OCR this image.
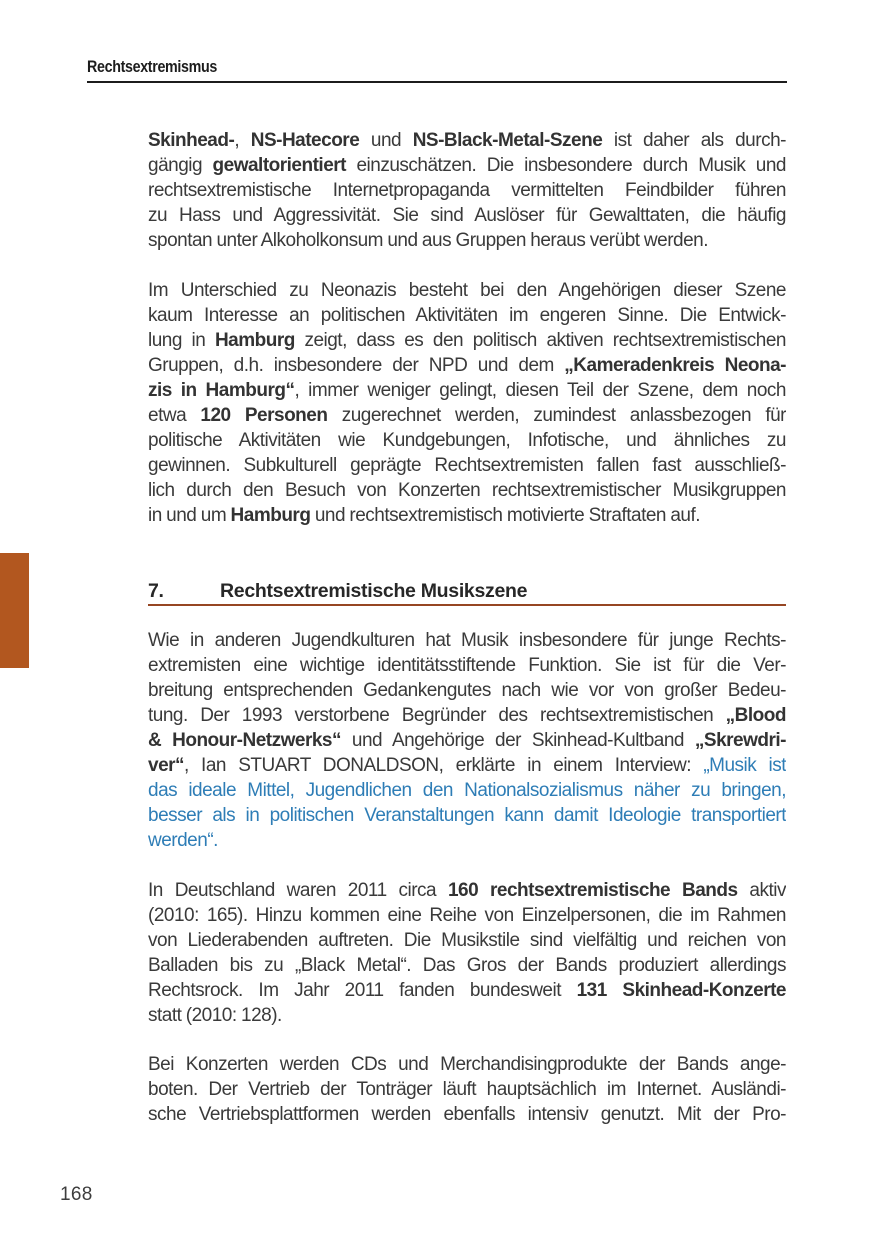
Rechtsextremismus
7.	Rechtsextremistische Musikszene
Skinhead-, NS-Hatecore und NS-Black-Metal-Szene ist daher als durch-
gängig gewaltorientiert einzuschätzen. Die insbesondere durch Musik und
rechtsextremistische Internetpropaganda vermittelten Feindbilder führen
zu Hass und Aggressivität. Sie sind Auslöser für Gewalttaten, die häufig
spontan unter Alkoholkonsum und aus Gruppen heraus verübt werden.
Im Unterschied zu Neonazis besteht bei den Angehörigen dieser Szene
kaum Interesse an politischen Aktivitäten im engeren Sinne. Die Entwick-
lung in Hamburg zeigt, dass es den politisch aktiven rechtsextremistischen
Gruppen, d.h. insbesondere der NPD und dem „Kameradenkreis Neona-
zis in Hamburg“, immer weniger gelingt, diesen Teil der Szene, dem noch
etwa 120 Personen zugerechnet werden, zumindest anlassbezogen für
politische Aktivitäten wie Kundgebungen, Infotische, und ähnliches zu
gewinnen. Subkulturell geprägte Rechtsextremisten fallen fast ausschließ-
lich durch den Besuch von Konzerten rechtsextremistischer Musikgruppen
in und um Hamburg und rechtsextremistisch motivierte Straftaten auf.
Wie in anderen Jugendkulturen hat Musik insbesondere für junge Rechts-
extremisten eine wichtige identitätsstiftende Funktion. Sie ist für die Ver-
breitung entsprechenden Gedankengutes nach wie vor von großer Bedeu-
tung. Der 1993 verstorbene Begründer des rechtsextremistischen „Blood
& Honour-Netzwerks“ und Angehörige der Skinhead-Kultband „Skrewdri-
ver“, Ian STUART DONALDSON, erklärte in einem Interview: „Musik ist
das ideale Mittel, Jugendlichen den Nationalsozialismus näher zu bringen,
besser als in politischen Veranstaltungen kann damit Ideologie transportiert
werden“.
In Deutschland waren 2011 circa 160 rechtsextremistische Bands aktiv
(2010: 165). Hinzu kommen eine Reihe von Einzelpersonen, die im Rahmen
von Liederabenden auftreten. Die Musikstile sind vielfältig und reichen von
Balladen bis zu „Black Metal“. Das Gros der Bands produziert allerdings
Rechtsrock. Im Jahr 2011 fanden bundesweit 131 Skinhead-Konzerte
statt (2010: 128).
Bei Konzerten werden CDs und Merchandisingprodukte der Bands ange-
boten. Der Vertrieb der Tonträger läuft hauptsächlich im Internet. Ausländi-
sche Vertriebsplattformen werden ebenfalls intensiv genutzt. Mit der Pro-
168
